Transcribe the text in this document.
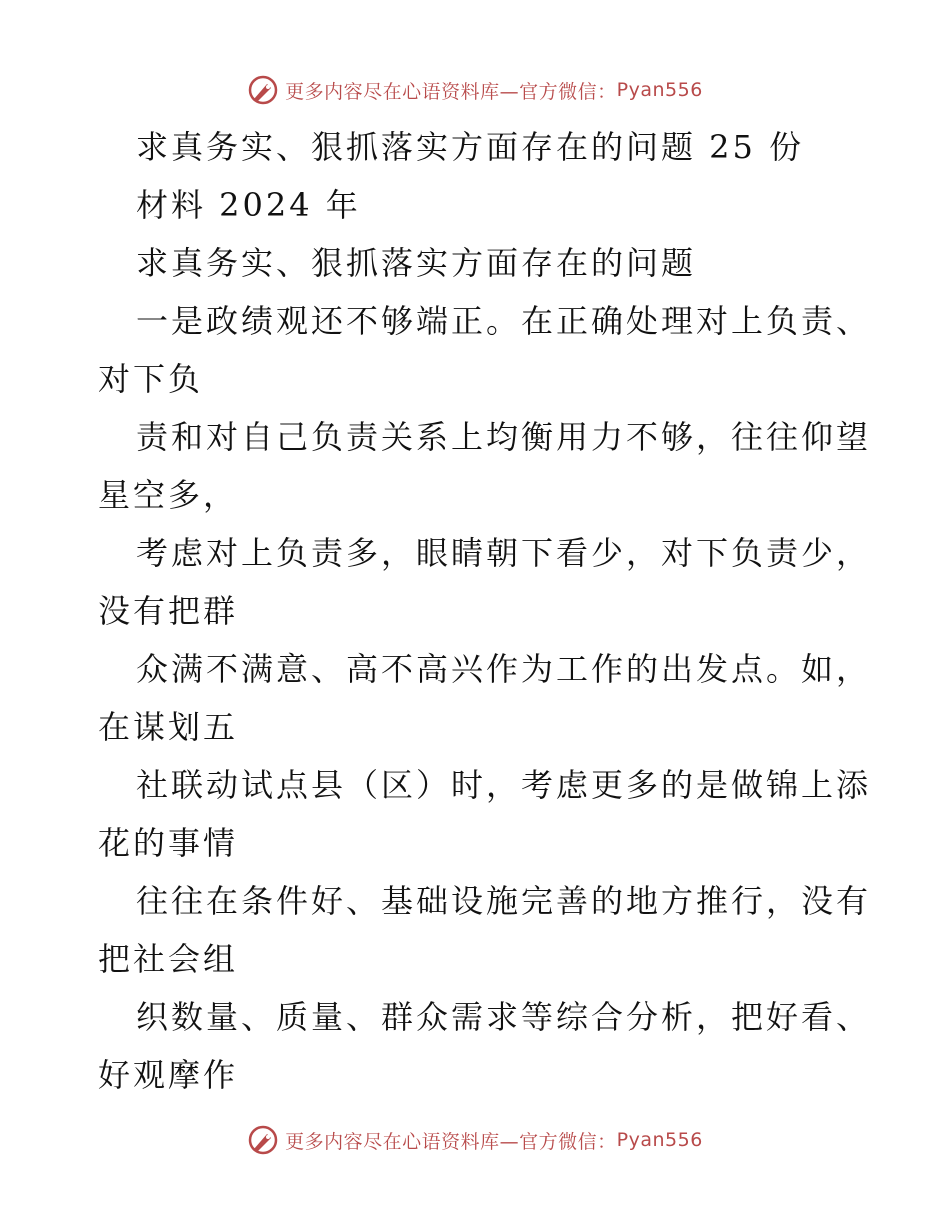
更多内容尽在心语资料库—官方微信： Pyan556
求真务实、狠抓落实方面存在的问题 25 份
材料 2024 年
求真务实、狠抓落实方面存在的问题
一是政绩观还不够端正。在正确处理对上负责、
对下负
责和对自己负责关系上均衡用力不够，往往仰望
星空多，
考虑对上负责多，眼睛朝下看少，对下负责少，
没有把群
众满不满意、高不高兴作为工作的出发点。如，
在谋划五
社联动试点县（区）时，考虑更多的是做锦上添
花的事情
往往在条件好、基础设施完善的地方推行，没有
把社会组
织数量、质量、群众需求等综合分析，把好看、
好观摩作
更多内容尽在心语资料库—官方微信： Pyan556
